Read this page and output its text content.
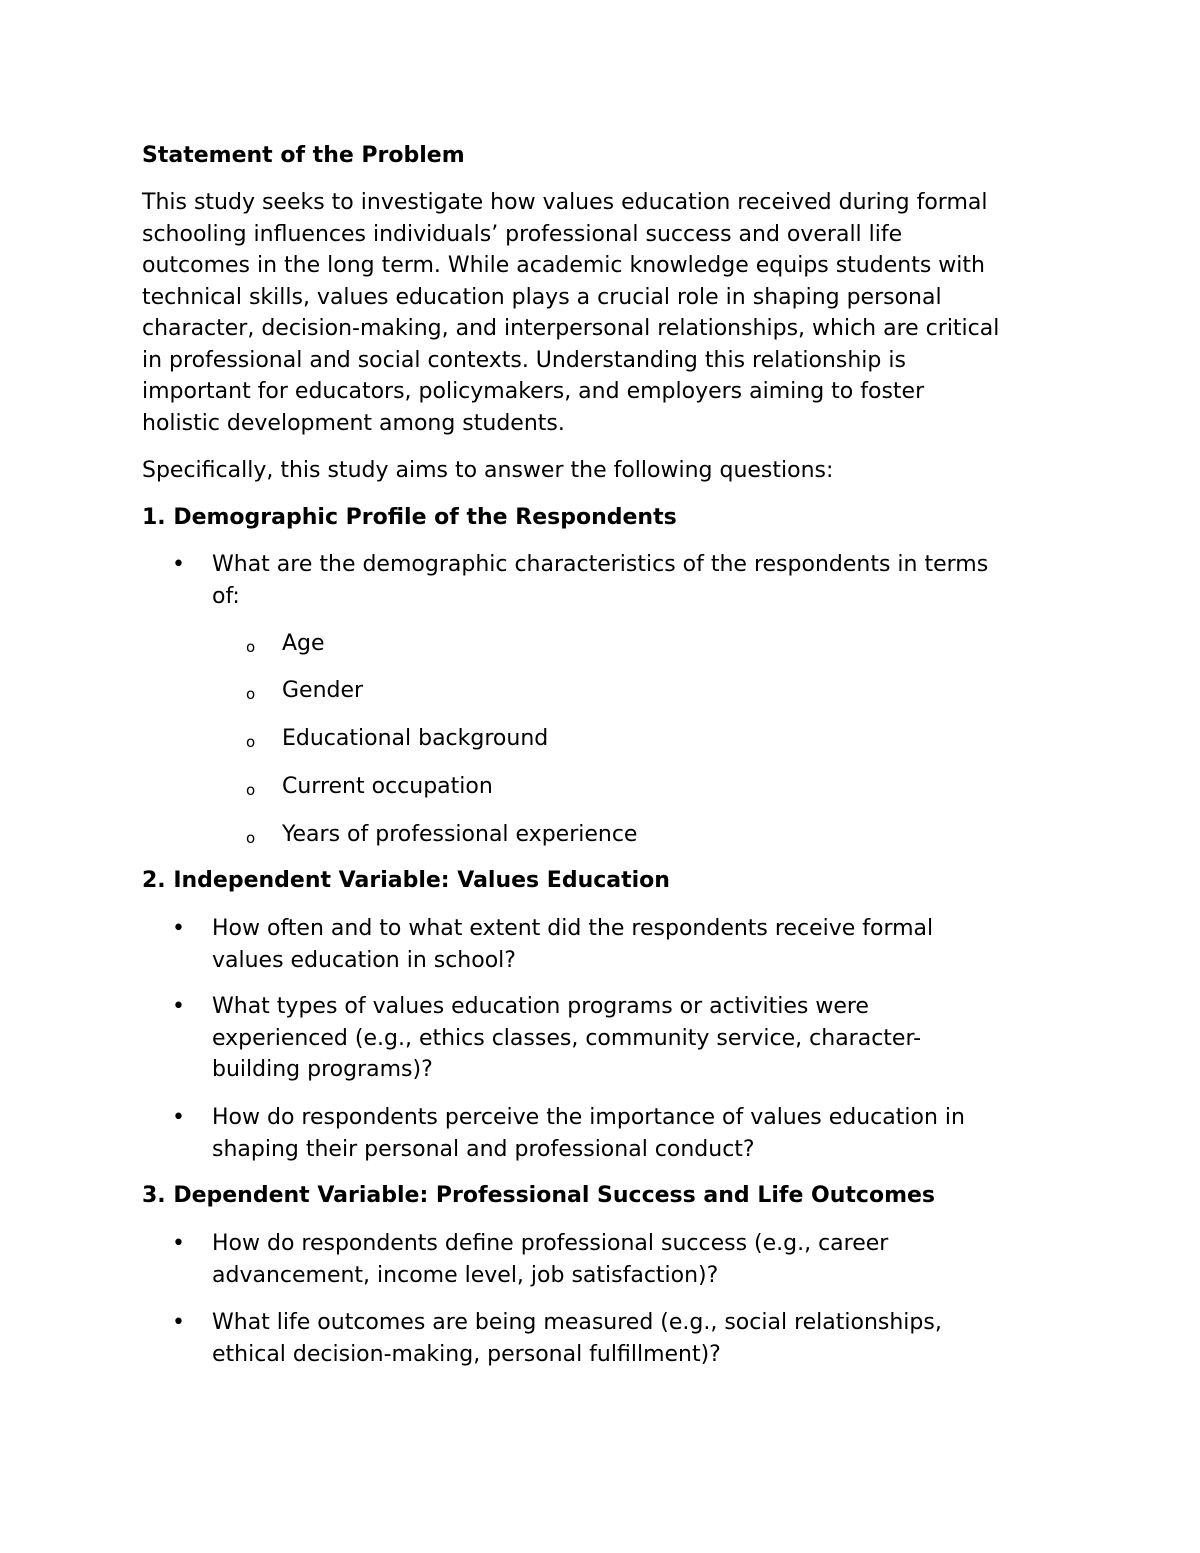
Statement of the Problem

This study seeks to investigate how values education received during formal
schooling influences individuals’ professional success and overall life
outcomes in the long term. While academic knowledge equips students with
technical skills, values education plays a crucial role in shaping personal
character, decision-making, and interpersonal relationships, which are critical
in professional and social contexts. Understanding this relationship is
important for educators, policymakers, and employers aiming to foster
holistic development among students.

Specifically, this study aims to answer the following questions:

1. Demographic Profile of the Respondents
• What are the demographic characteristics of the respondents in terms
of:
o Age
o Gender
o Educational background
o Current occupation
o Years of professional experience
2. Independent Variable: Values Education
• How often and to what extent did the respondents receive formal
values education in school?
• What types of values education programs or activities were
experienced (e.g., ethics classes, community service, character-
building programs)?
• How do respondents perceive the importance of values education in
shaping their personal and professional conduct?
3. Dependent Variable: Professional Success and Life Outcomes
• How do respondents define professional success (e.g., career
advancement, income level, job satisfaction)?
• What life outcomes are being measured (e.g., social relationships,
ethical decision-making, personal fulfillment)?
